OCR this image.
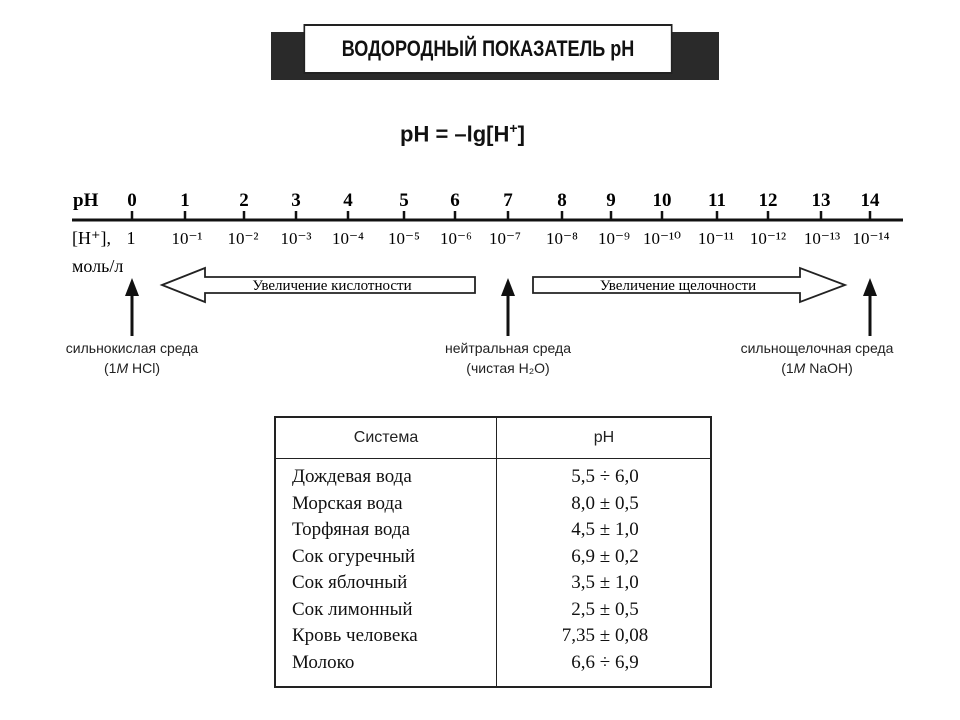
ВОДОРОДНЫЙ ПОКАЗАТЕЛЬ pH
pH = –lg[H+]
pH
[H⁺],
моль/л
0 1	2 3 4 5 6 7 8 9 10 11 12 13 14
1 10⁻¹ 10⁻² 10⁻³ 10⁻⁴ 10⁻⁵ 10⁻⁶ 10⁻⁷ 10⁻⁸ 10⁻⁹ 10⁻¹⁰ 10⁻¹¹ 10⁻¹² 10⁻¹³ 10⁻¹⁴
Увеличение кислотности	Увеличение щелочности
сильнокислая среда
(1M HCl)
нейтральная среда
(чистая H₂O)
сильнощелочная среда
(1M NaOH)
Система	pH
Дождевая вода	5,5 ÷ 6,0
Морская вода	8,0 ± 0,5
Торфяная вода	4,5 ± 1,0
Сок огуречный	6,9 ± 0,2
Сок яблочный	3,5 ± 1,0
Сок лимонный	2,5 ± 0,5
Кровь человека	7,35 ± 0,08
Молоко	6,6 ÷ 6,9
